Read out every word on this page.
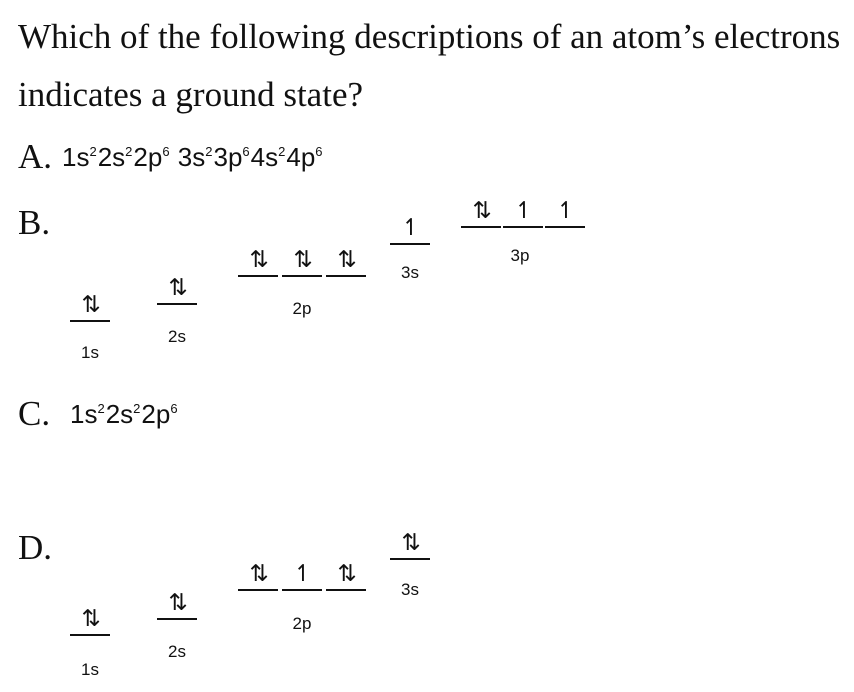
Which of the following descriptions of an atom’s electrons indicates a ground state?
A. $1s^22s^22p^6$ $3s^23p^64s^24p^6$
B.
⇅
1s
⇅
2s
⇅	⇅	⇅
2p
↿
3s
⇅	↿	↿
3p
C. $1s^22s^22p^6$
D.
⇅
1s
⇅
2s
⇅	↿	⇅
2p
⇅
3s
